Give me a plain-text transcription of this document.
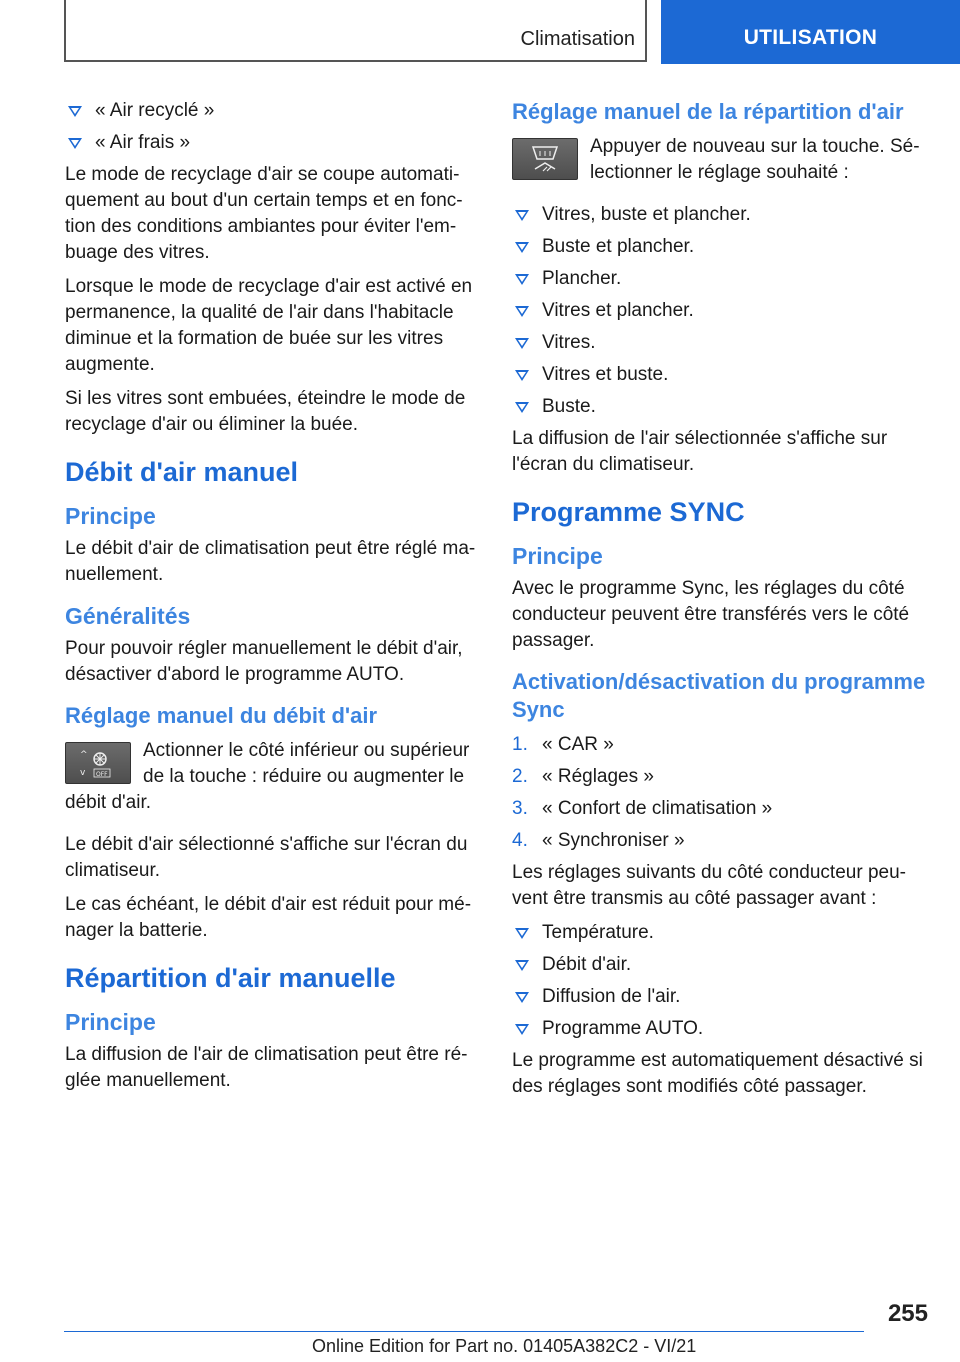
Climatisation	UTILISATION
« Air recyclé »
« Air frais »

Le mode de recyclage d'air se coupe automatiquement au bout d'un certain temps et en fonction des conditions ambiantes pour éviter l'embuage des vitres.

Lorsque le mode de recyclage d'air est activé en permanence, la qualité de l'air dans l'habitacle diminue et la formation de buée sur les vitres augmente.

Si les vitres sont embuées, éteindre le mode de recyclage d'air ou éliminer la buée.

Débit d'air manuel
Principe

Le débit d'air de climatisation peut être réglé manuellement.

Généralités

Pour pouvoir régler manuellement le débit d'air, désactiver d'abord le programme AUTO.

Réglage manuel du débit d'air
^
v OFF

Actionner le côté inférieur ou supérieur de la touche : réduire ou augmenter le débit d'air.

Le débit d'air sélectionné s'affiche sur l'écran du climatiseur.

Le cas échéant, le débit d'air est réduit pour ménager la batterie.

Répartition d'air manuelle
Principe

La diffusion de l'air de climatisation peut être réglée manuellement.

Réglage manuel de la répartition d'air

Appuyer de nouveau sur la touche. Sélectionner le réglage souhaité :

Vitres, buste et plancher.
Buste et plancher.
Plancher.
Vitres et plancher.
Vitres.
Vitres et buste.
Buste.

La diffusion de l'air sélectionnée s'affiche sur l'écran du climatiseur.

Programme SYNC
Principe

Avec le programme Sync, les réglages du côté conducteur peuvent être transférés vers le côté passager.

Activation/désactivation du programme Sync
1. « CAR »
2. « Réglages »
3. « Confort de climatisation »
4. « Synchroniser »

Les réglages suivants du côté conducteur peuvent être transmis au côté passager avant :

Température.
Débit d'air.
Diffusion de l'air.
Programme AUTO.

Le programme est automatiquement désactivé si des réglages sont modifiés côté passager.

255
Online Edition for Part no. 01405A382C2 - VI/21
